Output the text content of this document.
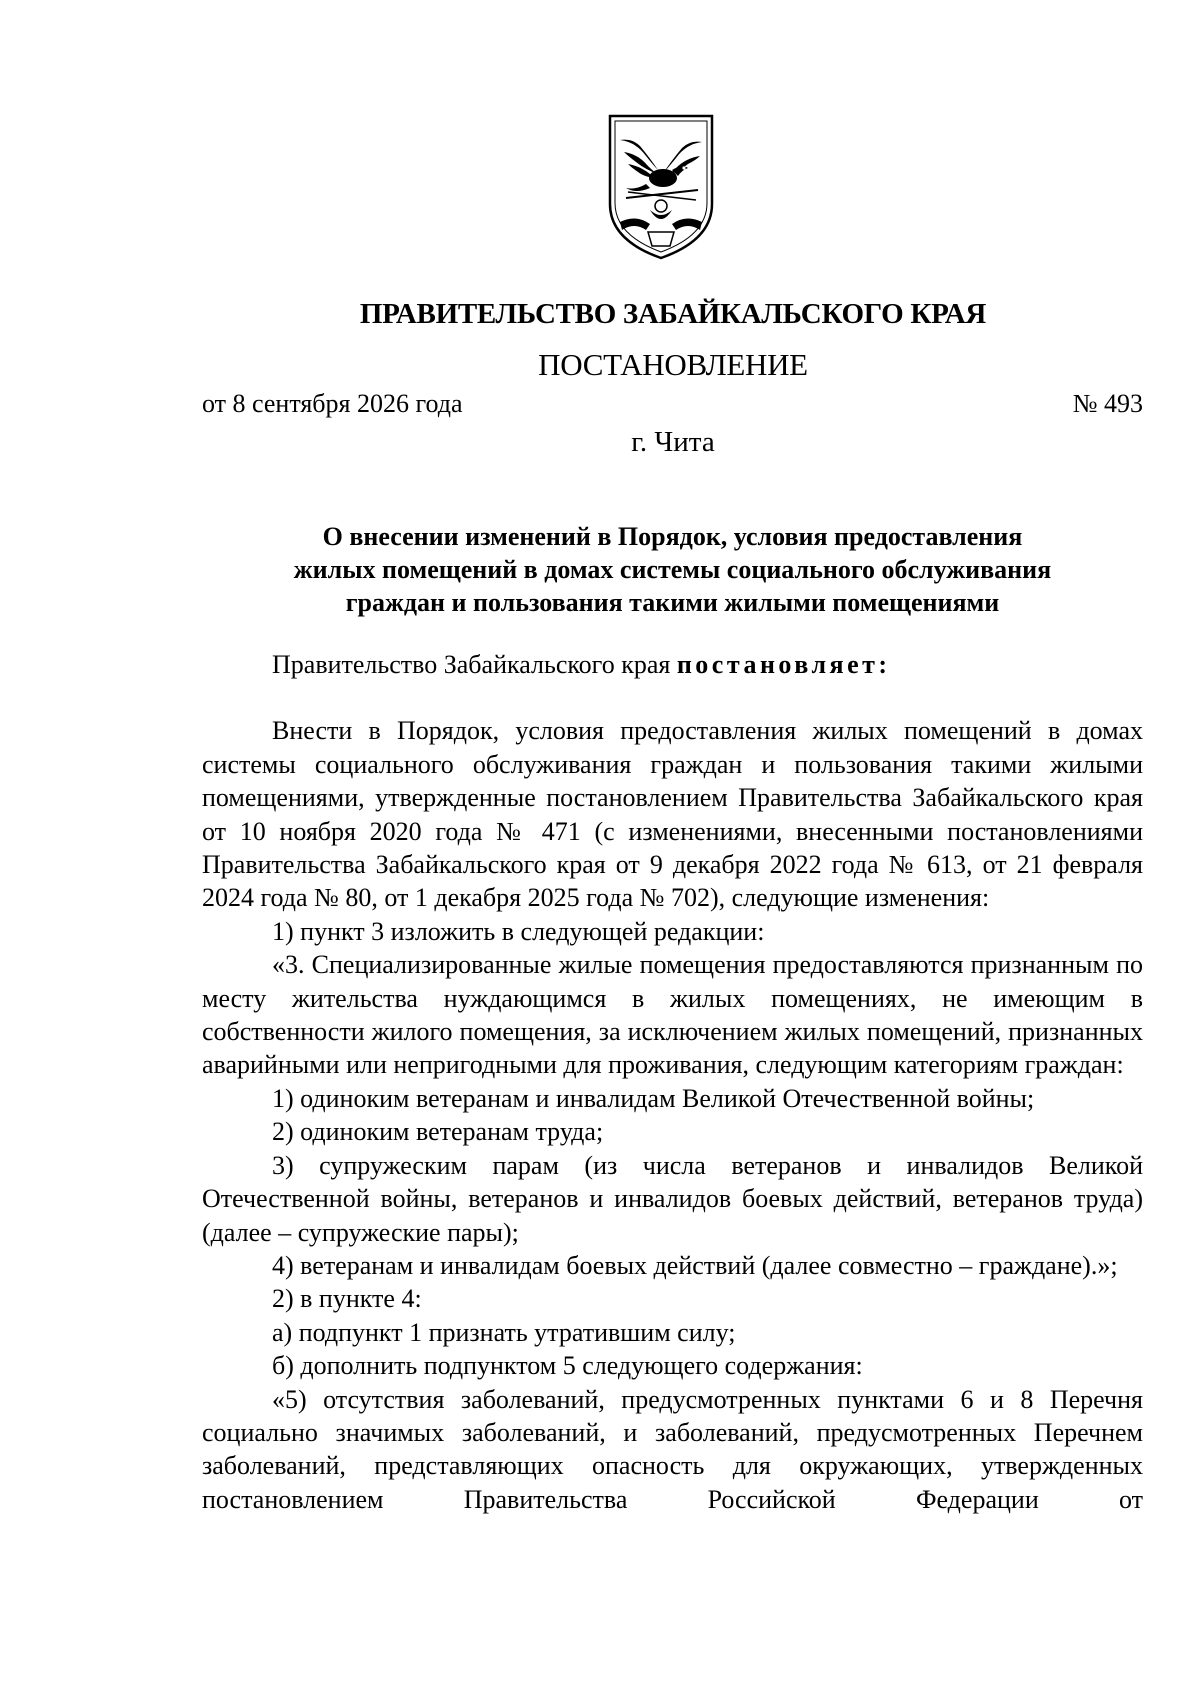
ПРАВИТЕЛЬСТВО ЗАБАЙКАЛЬСКОГО КРАЯ
ПОСТАНОВЛЕНИЕ
от 8 сентября 2026 года	№ 493
г. Чита
О внесении изменений в Порядок, условия предоставления
жилых помещений в домах системы социального обслуживания
граждан и пользования такими жилыми помещениями

Правительство Забайкальского края постановляет:

Внести в Порядок, условия предоставления жилых помещений в домах системы социального обслуживания граждан и пользования такими жилыми помещениями, утвержденные постановлением Правительства Забайкальского края от 10 ноября 2020 года № 471 (с изменениями, внесенными постановлениями Правительства Забайкальского края от 9 декабря 2022 года № 613, от 21 февраля 2024 года № 80, от 1 декабря 2025 года № 702), следующие изменения:

1) пункт 3 изложить в следующей редакции:

«3. Специализированные жилые помещения предоставляются признанным по месту жительства нуждающимся в жилых помещениях, не имеющим в собственности жилого помещения, за исключением жилых помещений, признанных аварийными или непригодными для проживания, следующим категориям граждан:

1) одиноким ветеранам и инвалидам Великой Отечественной войны;

2) одиноким ветеранам труда;

3) супружеским парам (из числа ветеранов и инвалидов Великой Отечественной войны, ветеранов и инвалидов боевых действий, ветеранов труда) (далее – супружеские пары);

4) ветеранам и инвалидам боевых действий (далее совместно – граждане).»;

2) в пункте 4:

а) подпункт 1 признать утратившим силу;

б) дополнить подпунктом 5 следующего содержания:

«5) отсутствия заболеваний, предусмотренных пунктами 6 и 8 Перечня социально значимых заболеваний, и заболеваний, предусмотренных Перечнем заболеваний, представляющих опасность для окружающих, утвержденных постановлением Правительства Российской Федерации от
